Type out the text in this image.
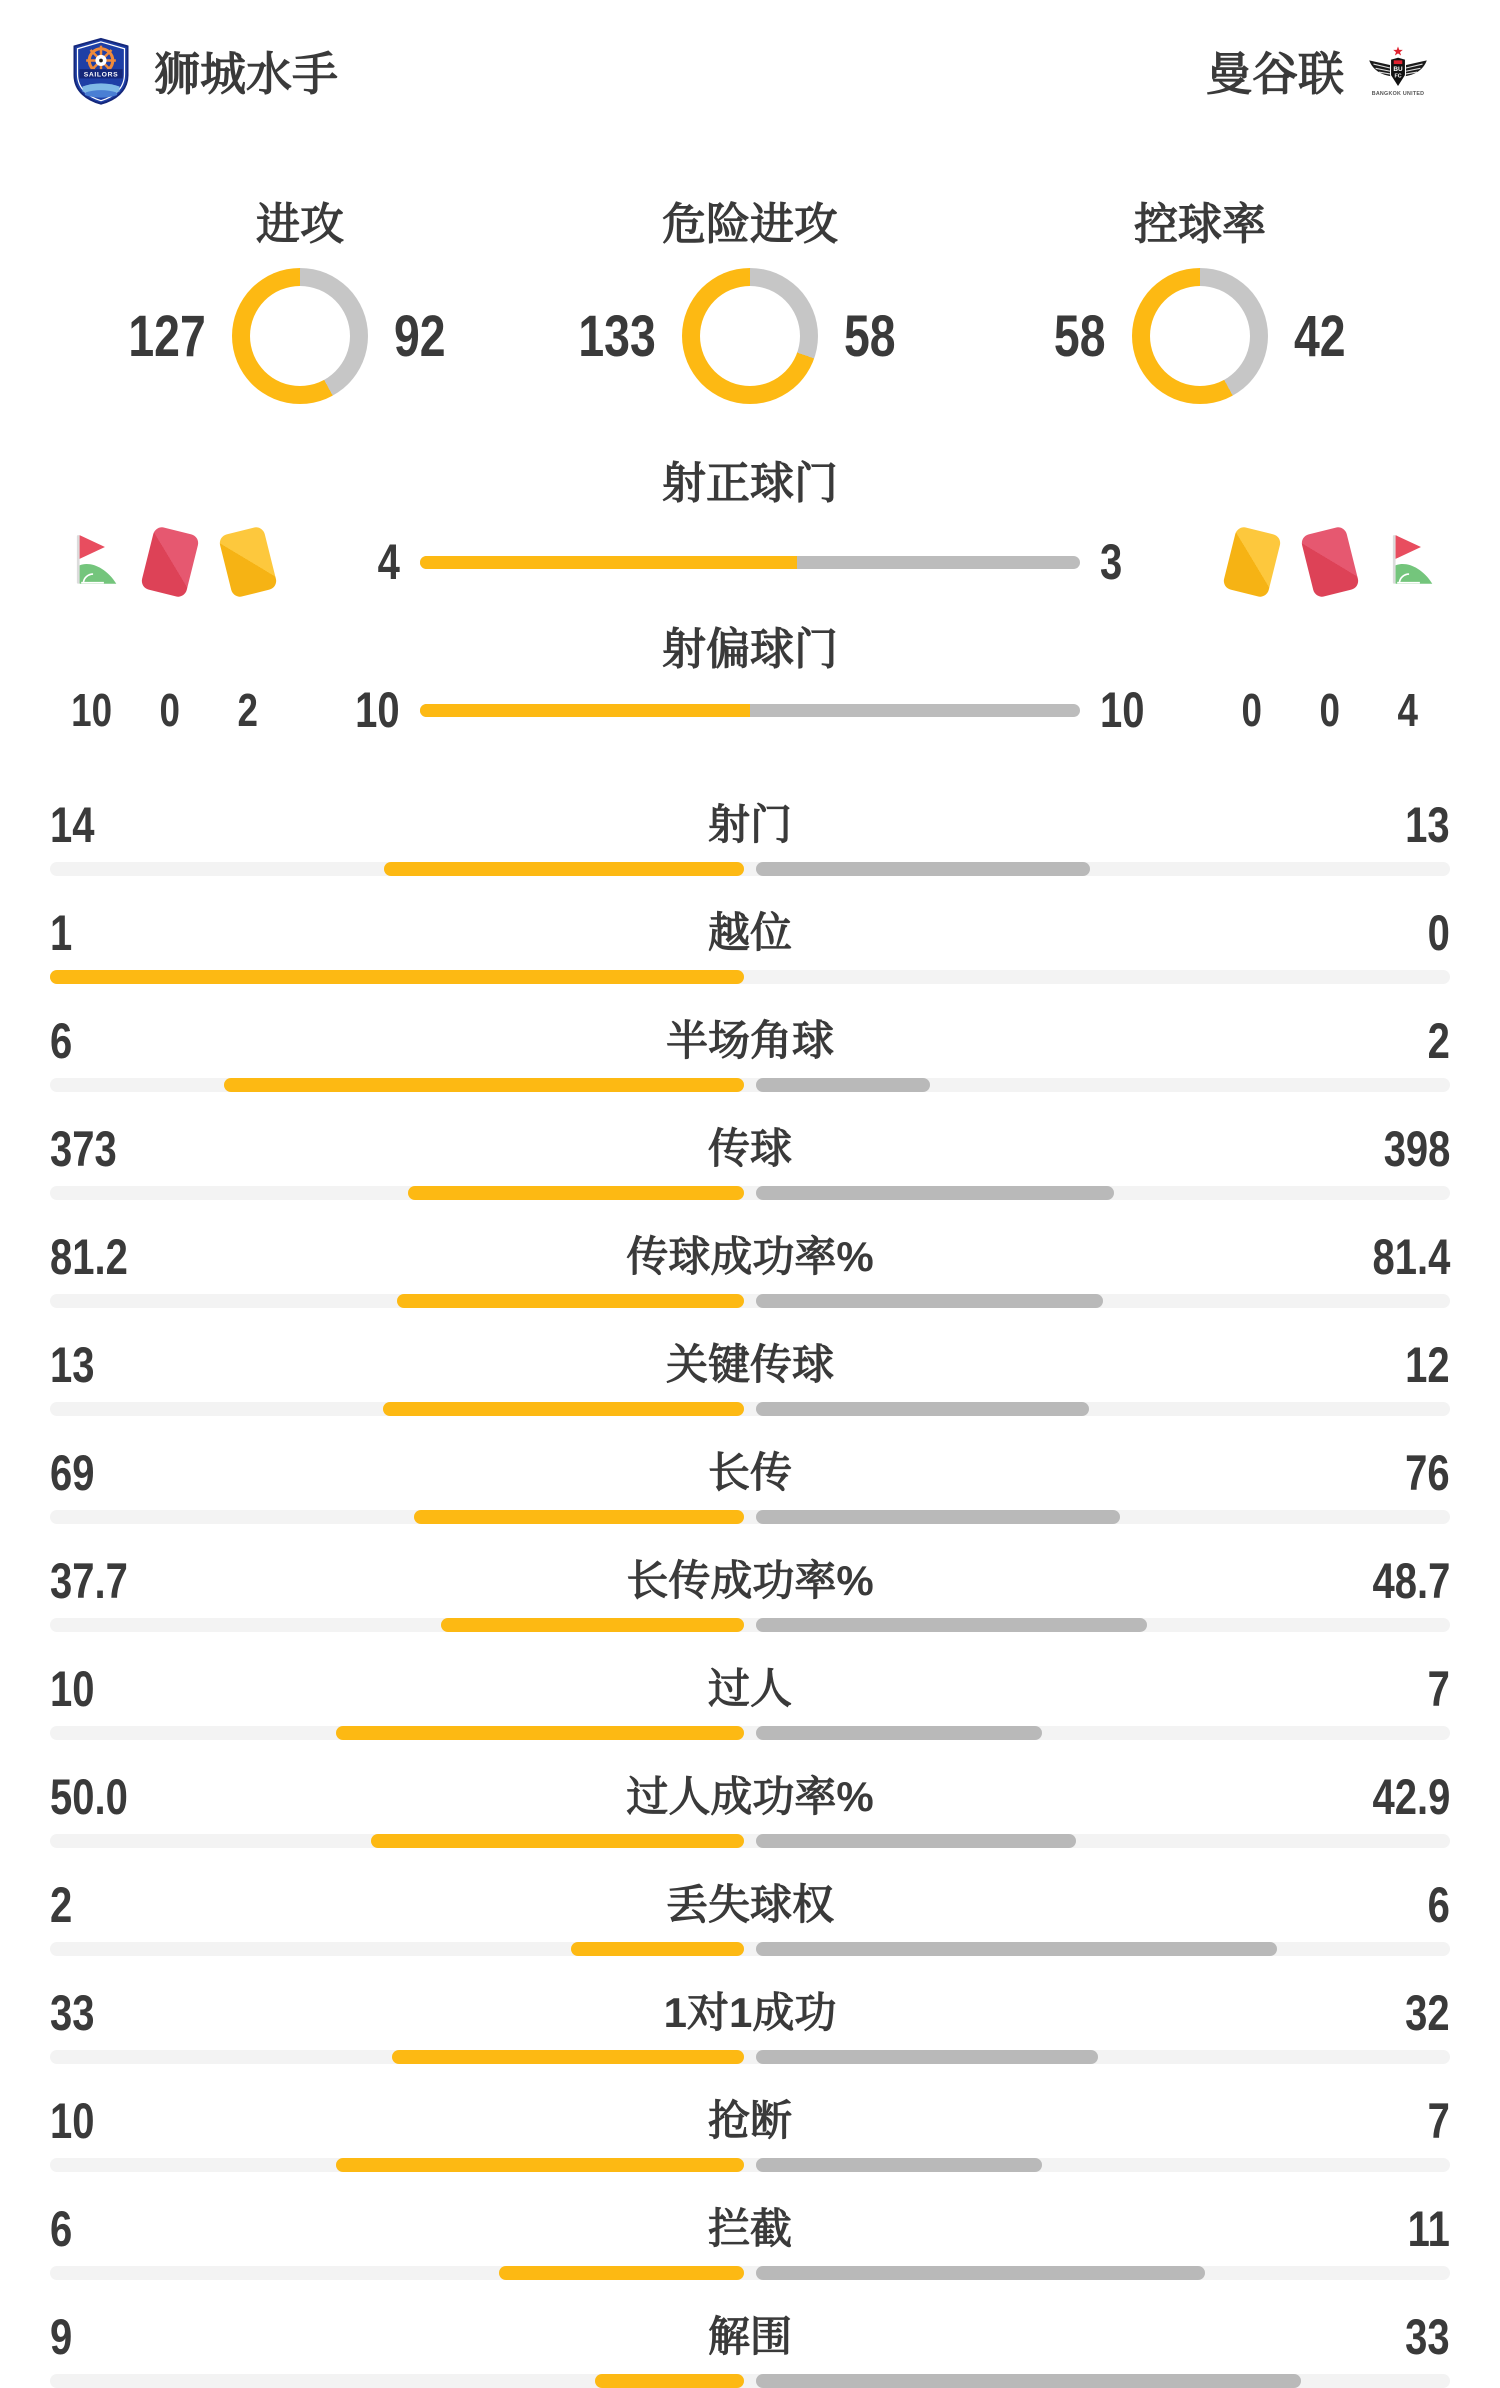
SAILORS 狮城水手	曼谷联	BU
FC
BANGKOK UNITED
进攻
127	92
危险进攻
133	58
控球率
58	42
射正球门
4	3
射偏球门
10	0	2	10	10	0	0	4
14	射门	13
1	越位	0
6	半场角球	2
373	传球	398
81.2	传球成功率%	81.4
13	关键传球	12
69	长传	76
37.7	长传成功率%	48.7
10	过人	7
50.0	过人成功率%	42.9
2	丢失球权	6
33	1对1成功	32
10	抢断	7
6	拦截	11
9	解围	33
